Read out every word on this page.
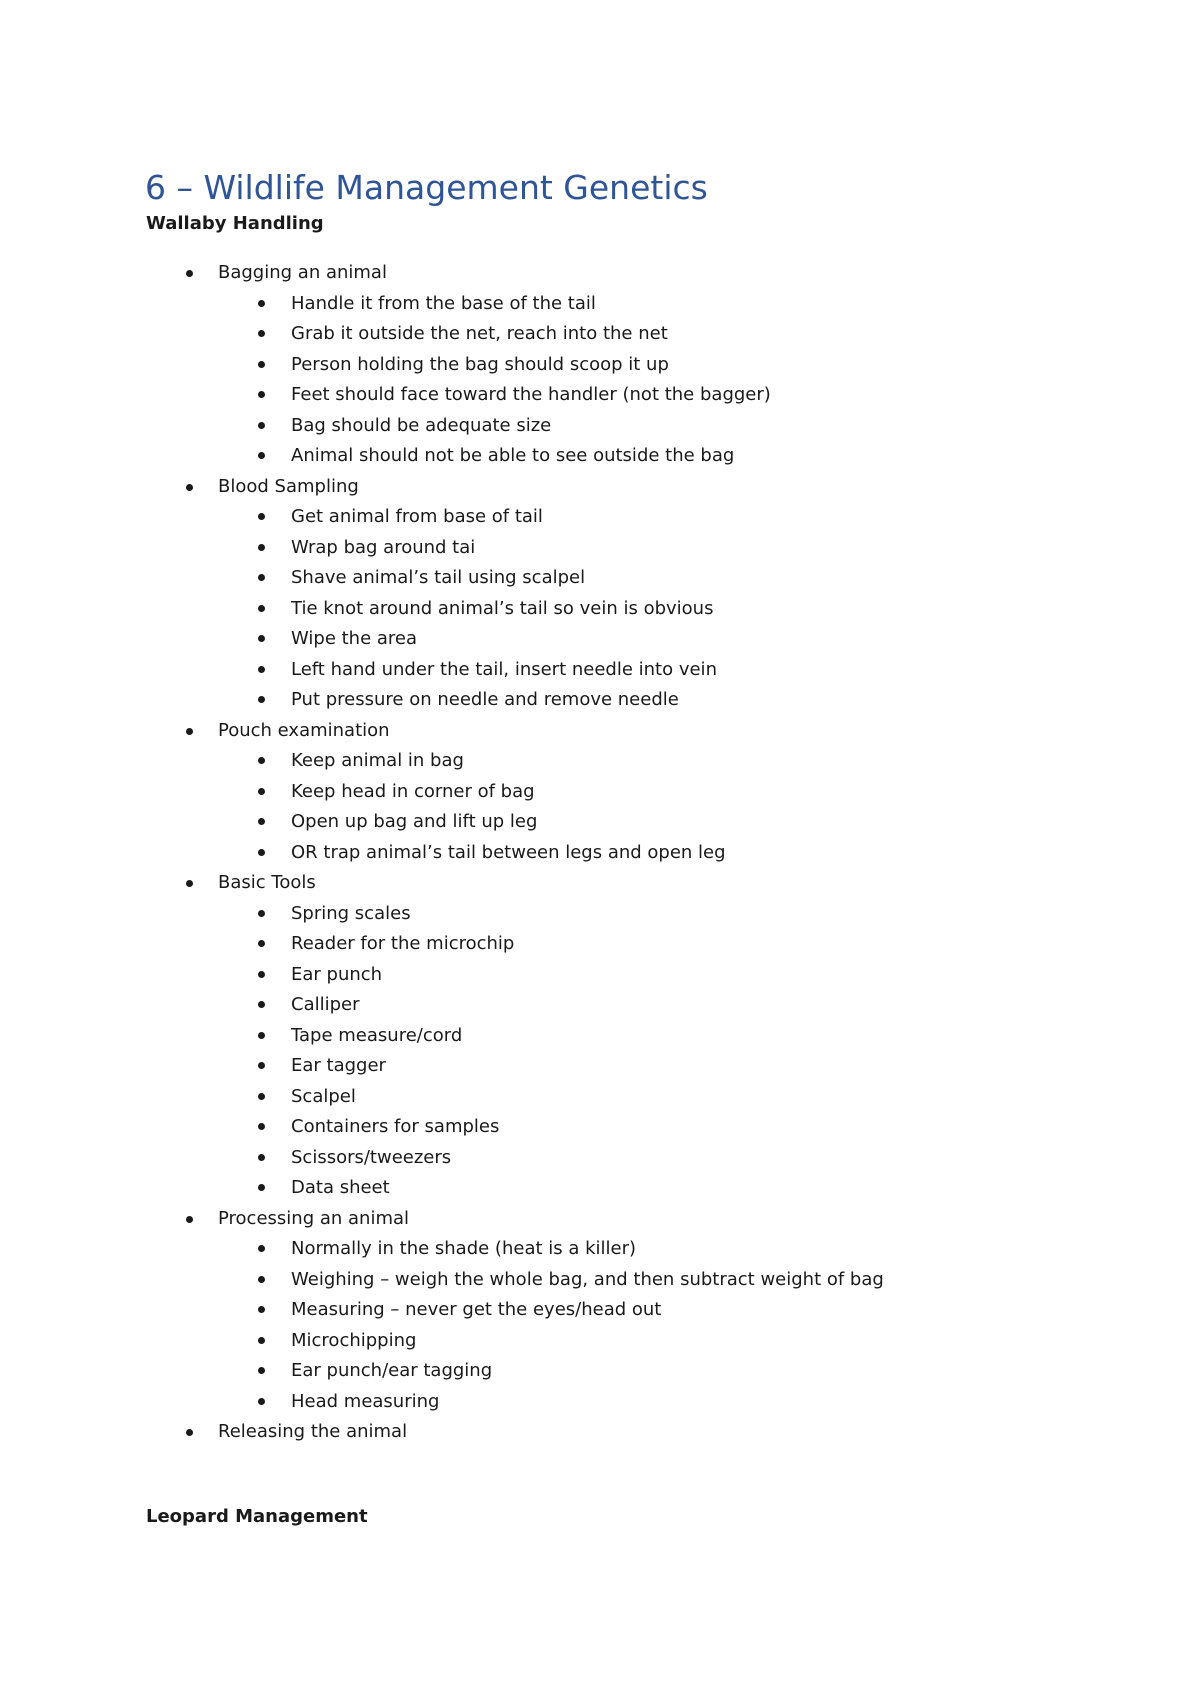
6 – Wildlife Management Genetics
Wallaby Handling
Bagging an animal
Handle it from the base of the tail
Grab it outside the net, reach into the net
Person holding the bag should scoop it up
Feet should face toward the handler (not the bagger)
Bag should be adequate size
Animal should not be able to see outside the bag
Blood Sampling
Get animal from base of tail
Wrap bag around tai
Shave animal’s tail using scalpel
Tie knot around animal’s tail so vein is obvious
Wipe the area
Left hand under the tail, insert needle into vein
Put pressure on needle and remove needle
Pouch examination
Keep animal in bag
Keep head in corner of bag
Open up bag and lift up leg
OR trap animal’s tail between legs and open leg
Basic Tools
Spring scales
Reader for the microchip
Ear punch
Calliper
Tape measure/cord
Ear tagger
Scalpel
Containers for samples
Scissors/tweezers
Data sheet
Processing an animal
Normally in the shade (heat is a killer)
Weighing – weigh the whole bag, and then subtract weight of bag
Measuring – never get the eyes/head out
Microchipping
Ear punch/ear tagging
Head measuring
Releasing the animal
Leopard Management
